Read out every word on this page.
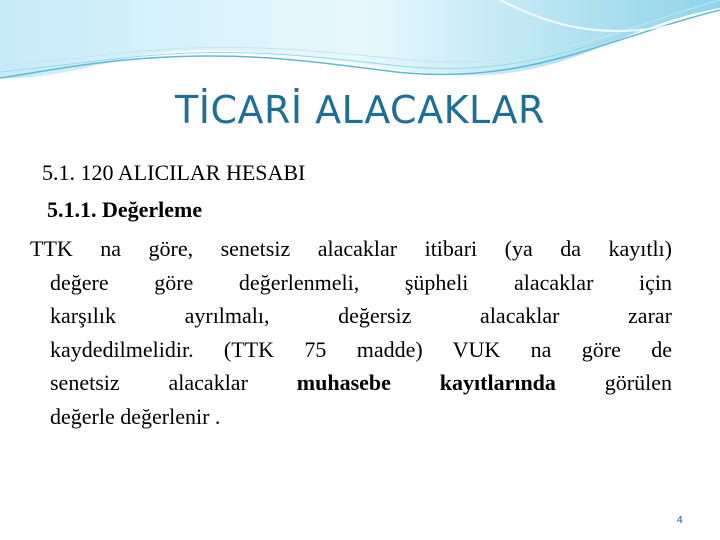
TİCARİ ALACAKLAR
5.1. 120 ALICILAR HESABI
5.1.1. Değerleme
TTK na göre, senetsiz alacaklar itibari (ya da kayıtlı)
değere göre değerlenmeli, şüpheli alacaklar için
karşılık ayrılmalı, değersiz alacaklar zarar
kaydedilmelidir. (TTK 75 madde) VUK na göre de
senetsiz alacaklar muhasebe kayıtlarında görülen
değerle değerlenir .
4
